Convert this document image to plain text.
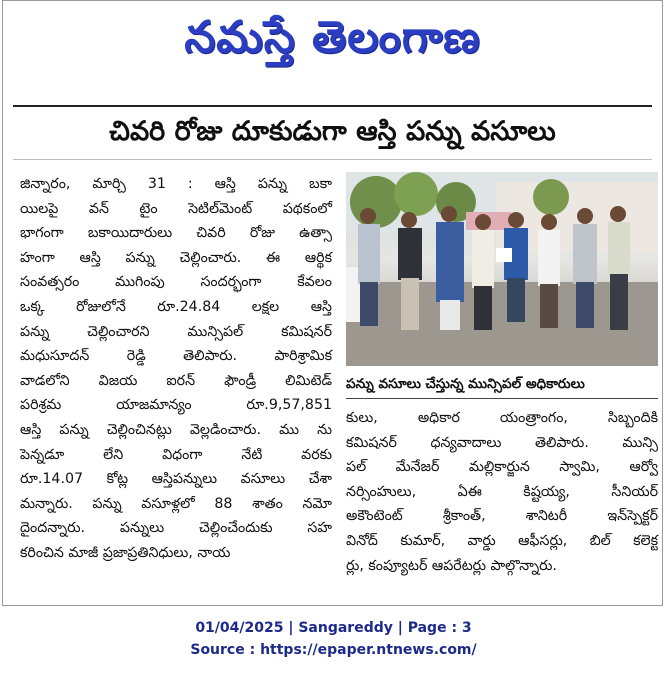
నమస్తే తెలంగాణ
చివరి రోజు దూకుడుగా ఆస్తి పన్ను వసూలు

జిన్నారం, మార్చి 31 : ఆస్తి పన్ను బకా

యిలపై వన్ టైం సెటిల్‌మెంట్ పథకంలో

భాగంగా బకాయిదారులు చివరి రోజు ఉత్సా

హంగా ఆస్తి పన్ను చెల్లించారు. ఈ ఆర్థిక

సంవత్సరం ముగింపు సందర్భంగా కేవలం

ఒక్క రోజులోనే రూ.24.84 లక్షల ఆస్తి

పన్ను చెల్లించారని మున్సిపల్ కమిషనర్

మధుసూదన్ రెడ్డి తెలిపారు. పారిశ్రామిక

వాడలోని విజయ ఐరన్ ఫౌండ్రీ లిమిటెడ్

పరిశ్రమ యాజమాన్యం రూ.9,57,851

ఆస్తి పన్ను చెల్లించినట్లు వెల్లడించారు. ము ను

పెన్నడూ లేని విధంగా నేటి వరకు

రూ.14.07 కోట్ల ఆస్తిపన్నులు వసూలు చేశా

మన్నారు. పన్ను వసూళ్లలో 88 శాతం నమో

దైందన్నారు. పన్నులు చెల్లించేందుకు సహ

కరించిన మాజీ ప్రజాప్రతినిధులు, నాయ

పన్ను వసూలు చేస్తున్న మున్సిపల్ అధికారులు

కులు, అధికార యంత్రాంగం, సిబ్బందికి

కమిషనర్ ధన్యవాదాలు తెలిపారు. మున్సి

పల్ మేనేజర్ మల్లికార్జున స్వామి, ఆర్వో

నర్సింహులు, ఏఈ కిష్టయ్య, సీనియర్

అకౌంటెంట్ శ్రీకాంత్, శానిటరీ ఇన్‌స్పెక్టర్

వినోద్ కుమార్, వార్డు ఆఫీసర్లు, బిల్ కలెక్ట

ర్లు, కంప్యూటర్ ఆపరేటర్లు పాల్గొన్నారు.

01/04/2025 | Sangareddy | Page : 3
Source : https://epaper.ntnews.com/
